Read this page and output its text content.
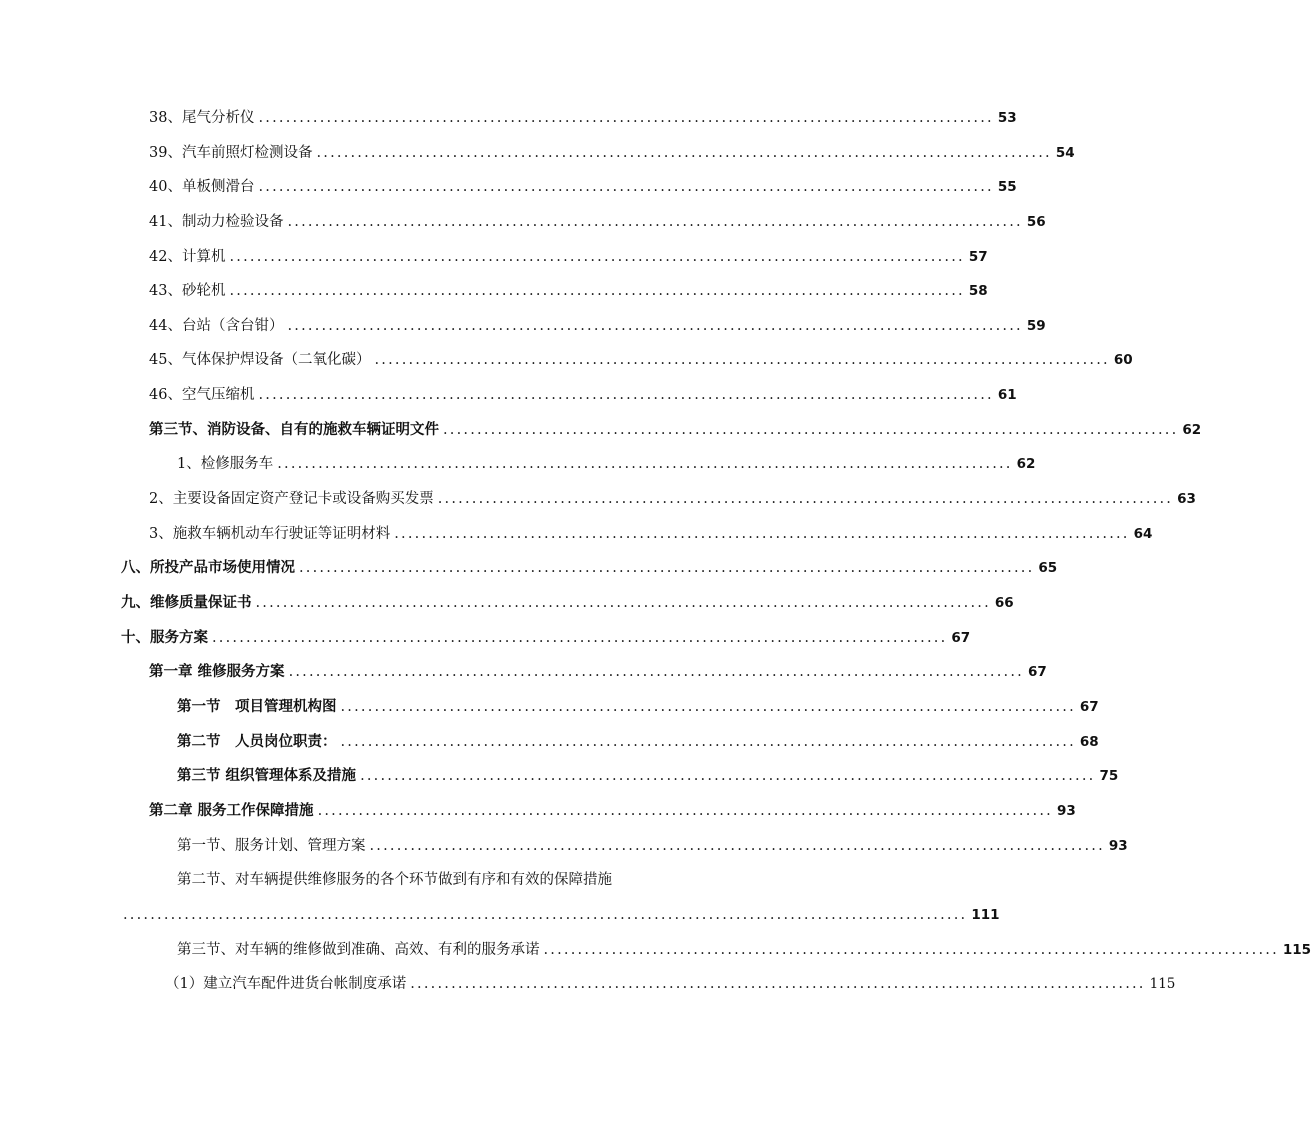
38、尾气分析仪 ............................................................................................................ 53
39、汽车前照灯检测设备 ............................................................................................................ 54
40、单板侧滑台 ............................................................................................................ 55
41、制动力检验设备 ............................................................................................................ 56
42、计算机 ............................................................................................................ 57
43、砂轮机 ............................................................................................................ 58
44、台站（含台钳） ............................................................................................................ 59
45、气体保护焊设备（二氧化碳） ............................................................................................................ 60
46、空气压缩机 ............................................................................................................ 61
第三节、消防设备、自有的施救车辆证明文件 ............................................................................................................ 62
1、检修服务车 ............................................................................................................ 62
2、主要设备固定资产登记卡或设备购买发票 ............................................................................................................ 63
3、施救车辆机动车行驶证等证明材料 ............................................................................................................ 64
八、所投产品市场使用情况 ............................................................................................................ 65
九、维修质量保证书 ............................................................................................................ 66
十、服务方案 ............................................................................................................ 67
第一章 维修服务方案 ............................................................................................................ 67
第一节　项目管理机构图 ............................................................................................................ 67
第二节　人员岗位职责： ............................................................................................................ 68
第三节 组织管理体系及措施 ............................................................................................................ 75
第二章 服务工作保障措施 ............................................................................................................ 93
第一节、服务计划、管理方案 ............................................................................................................ 93
第二节、对车辆提供维修服务的各个环节做到有序和有效的保障措施
............................................................................................................................ 111
第三节、对车辆的维修做到准确、高效、有利的服务承诺 ............................................................................................................ 115
（1）建立汽车配件进货台帐制度承诺 ............................................................................................................ 115
